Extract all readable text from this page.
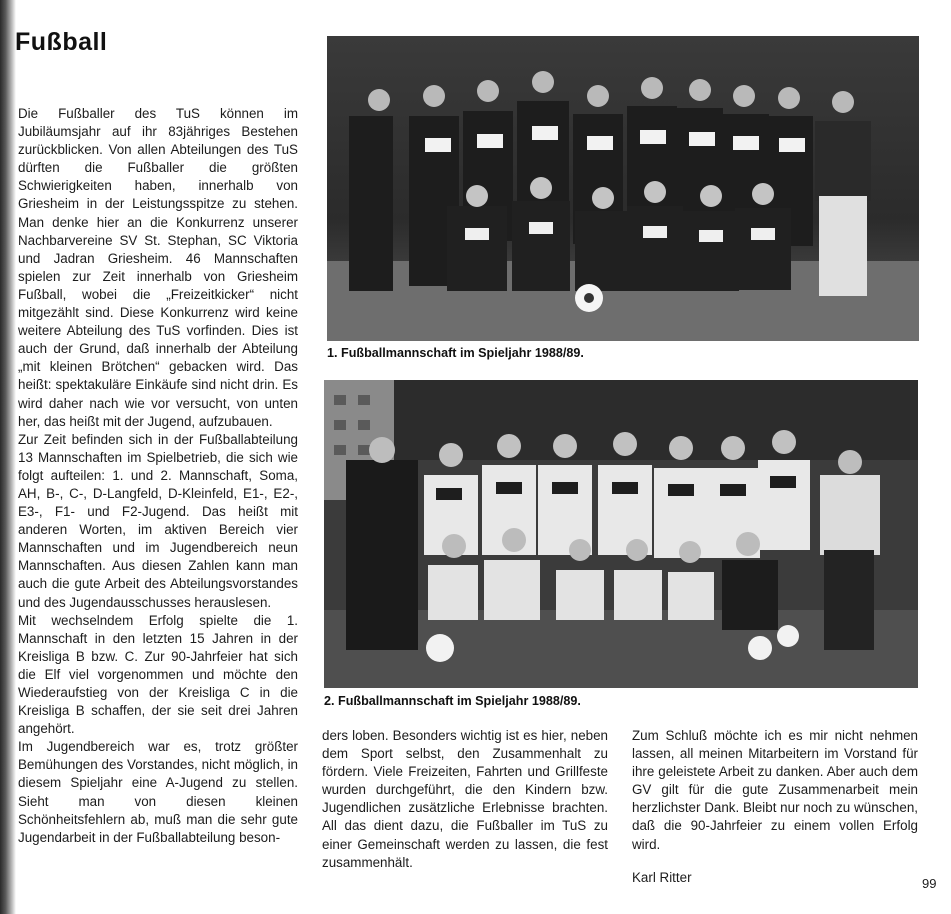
Fußball

Die Fußballer des TuS können im Jubiläumsjahr auf ihr 83jähriges Bestehen zurückblicken. Von allen Abteilungen des TuS dürften die Fußballer die größten Schwierigkeiten haben, innerhalb von Griesheim in der Leistungsspitze zu stehen. Man denke hier an die Konkurrenz unserer Nachbarvereine SV St. Stephan, SC Viktoria und Jadran Griesheim. 46 Mannschaften spielen zur Zeit innerhalb von Griesheim Fußball, wobei die „Freizeitkicker“ nicht mitgezählt sind. Diese Konkurrenz wird keine weitere Abteilung des TuS vorfinden. Dies ist auch der Grund, daß innerhalb der Abteilung „mit kleinen Brötchen“ gebacken wird. Das heißt: spektakuläre Einkäufe sind nicht drin. Es wird daher nach wie vor versucht, von unten her, das heißt mit der Jugend, aufzubauen.

Zur Zeit befinden sich in der Fußballabteilung 13 Mannschaften im Spielbetrieb, die sich wie folgt aufteilen: 1. und 2. Mannschaft, Soma, AH, B-, C-, D-Langfeld, D-Kleinfeld, E1-, E2-, E3-, F1- und F2-Jugend. Das heißt mit anderen Worten, im aktiven Bereich vier Mannschaften und im Jugendbereich neun Mannschaften. Aus diesen Zahlen kann man auch die gute Arbeit des Abteilungsvorstandes und des Jugendausschusses herauslesen.

Mit wechselndem Erfolg spielte die 1. Mannschaft in den letzten 15 Jahren in der Kreisliga B bzw. C. Zur 90-Jahrfeier hat sich die Elf viel vorgenommen und möchte den Wiederaufstieg von der Kreisliga C in die Kreisliga B schaffen, der sie seit drei Jahren angehört.

Im Jugendbereich war es, trotz größter Bemühungen des Vorstandes, nicht möglich, in diesem Spieljahr eine A-Jugend zu stellen. Sieht man von diesen kleinen Schönheitsfehlern ab, muß man die sehr gute Jugendarbeit in der Fußballabteilung beson-

1. Fußballmannschaft im Spieljahr 1988/89.
2. Fußballmannschaft im Spieljahr 1988/89.

ders loben. Besonders wichtig ist es hier, neben dem Sport selbst, den Zusammenhalt zu fördern. Viele Freizeiten, Fahrten und Grillfeste wurden durchgeführt, die den Kindern bzw. Jugendlichen zusätzliche Erlebnisse brachten. All das dient dazu, die Fußballer im TuS zu einer Gemeinschaft werden zu lassen, die fest zusammenhält.

Zum Schluß möchte ich es mir nicht nehmen lassen, all meinen Mitarbeitern im Vorstand für ihre geleistete Arbeit zu danken. Aber auch dem GV gilt für die gute Zusammenarbeit mein herzlichster Dank. Bleibt nur noch zu wünschen, daß die 90-Jahrfeier zu einem vollen Erfolg wird.

Karl Ritter	99
